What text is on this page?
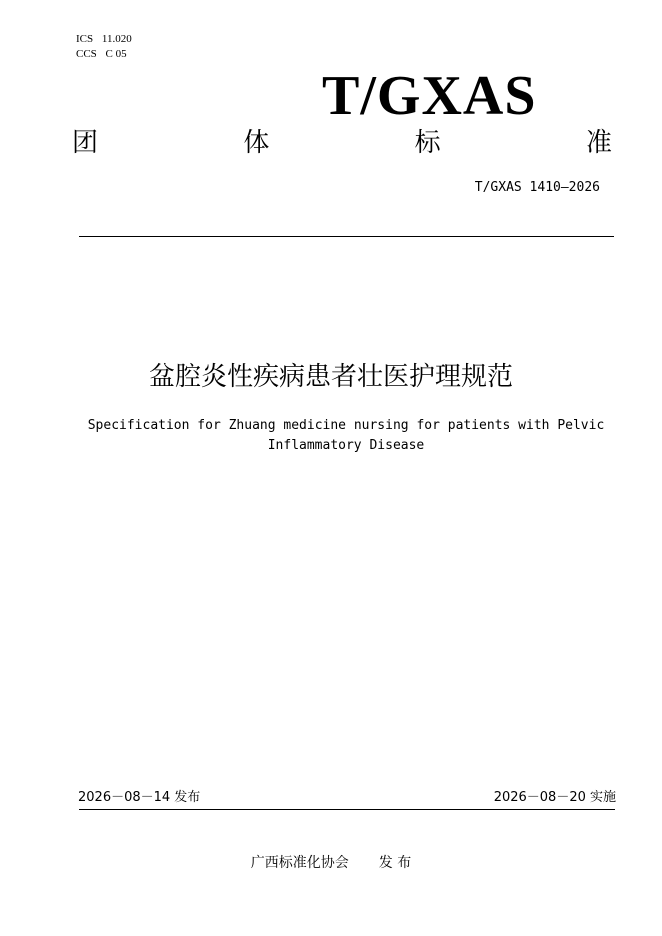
ICS 11.020
CCS C 05
T/GXAS
团	体	标	准
T/GXAS 1410—2026
盆腔炎性疾病患者壮医护理规范
Specification for Zhuang medicine nursing for patients with Pelvic
Inflammatory Disease
2026－08－14 发布	2026－08－20 实施
广西标准化协会 发 布
